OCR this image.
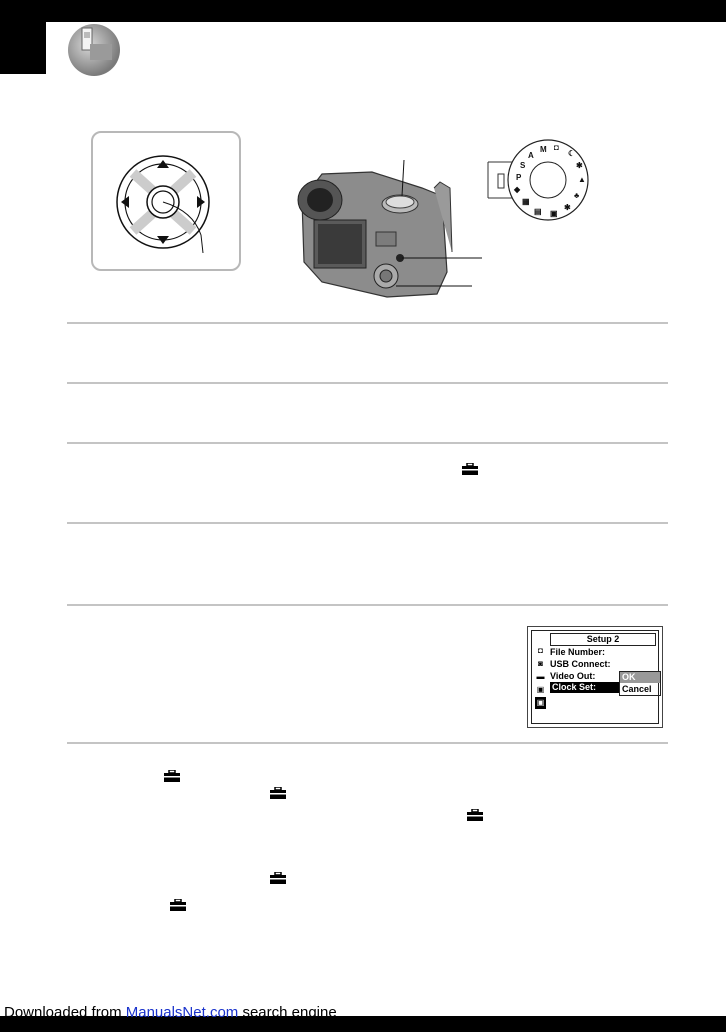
S
P
A
M ◘
☾
✱
▲
♣
✱
▣
▤
▦
◆
Setup 2
◘
◙
▬
▣
▣
File Number:
USB Connect:
Video Out:
Clock Set:
OK
Cancel
Downloaded from ManualsNet.com search engine
